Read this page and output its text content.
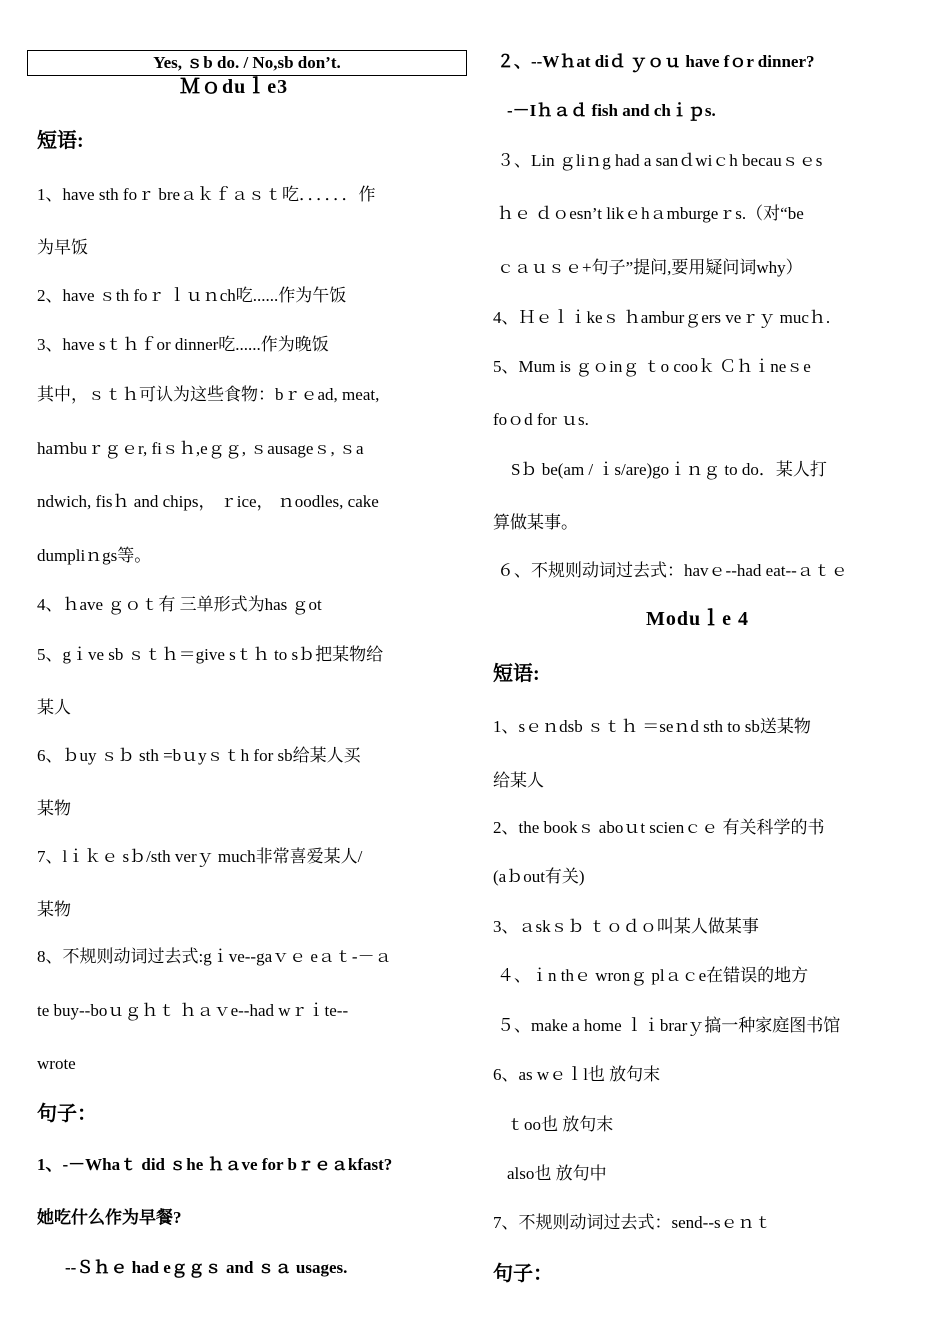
Yes, ｓb do. / No,sb don’t.
Ｍｏduｌe3
短语:
1、have sth foｒ breａｋｆａｓｔ吃．．．．．．作
为早饭
2、have ｓth foｒ ｌｕｎch吃......作为午饭
3、have sｔｈｆor dinner吃......作为晚饭
其中，ｓｔｈ可认为这些食物：bｒｅad, meat,
haｍbuｒｇｅr, fiｓｈ,eｇｇ, ｓausageｓ, ｓa
ndwich, fisｈ and chips， ｒice， ｎoodles, cake
dumpliｎgs等。
4、ｈave ｇｏｔ有 三单形式为has ｇot
5、gｉve sb ｓｔｈ＝give sｔｈ to sｂ把某物给
某人
6、ｂuy ｓｂ sth =bｕyｓｔh for sb给某人买
某物
7、lｉｋｅ sｂ/sth verｙ much非常喜爱某人/
某物
8、不规则动词过去式:gｉve--gaｖｅ eａｔ-－ａ
te buy--boｕｇｈｔ ｈａｖe--had wｒｉte--
wrote
句子：
1、-－Whaｔ did ｓhe ｈａve for bｒｅａkfast?
她吃什么作为早餐?
--Ｓｈｅ had eｇｇｓ and ｓａ usages.
２、--Wｈat diｄ ｙｏｕ have fｏr dinner?
-－Iｈａｄ fish and chｉｐs.
３、Lin ｇliｎg had a sanｄwiｃh becauｓｅs
ｈｅ ｄｏesn’t likｅhａmburgeｒs.（对“be
ｃａｕｓｅ+句子”提问,要用疑问词why）
4、Ｈｅｌｉkeｓ ｈamburｇers veｒｙ mucｈ.
5、Mum is ｇｏinｇ ｔo cooｋ Ｃｈｉneｓe
foｏd for ｕs.
Sｂ be(am / ｉs/are)goｉｎｇ to do．某人打
算做某事。
６、不规则动词过去式：havｅ--had eat--ａｔｅ
Moduｌe 4
短语:
1、sｅｎdsb ｓｔｈ ＝seｎd sth to sb送某物
给某人
2、the bookｓ aboｕt scienｃｅ 有关科学的书
(aｂout有关)
3、ａskｓｂ ｔｏｄｏ叫某人做某事
４、ｉn thｅ wronｇ plａｃe在错误的地方
５、make a home ｌｉbrarｙ搞一种家庭图书馆
6、as wｅｌl也 放句末
ｔoo也 放句末
also也 放句中
7、不规则动词过去式：send--sｅｎｔ
句子：
